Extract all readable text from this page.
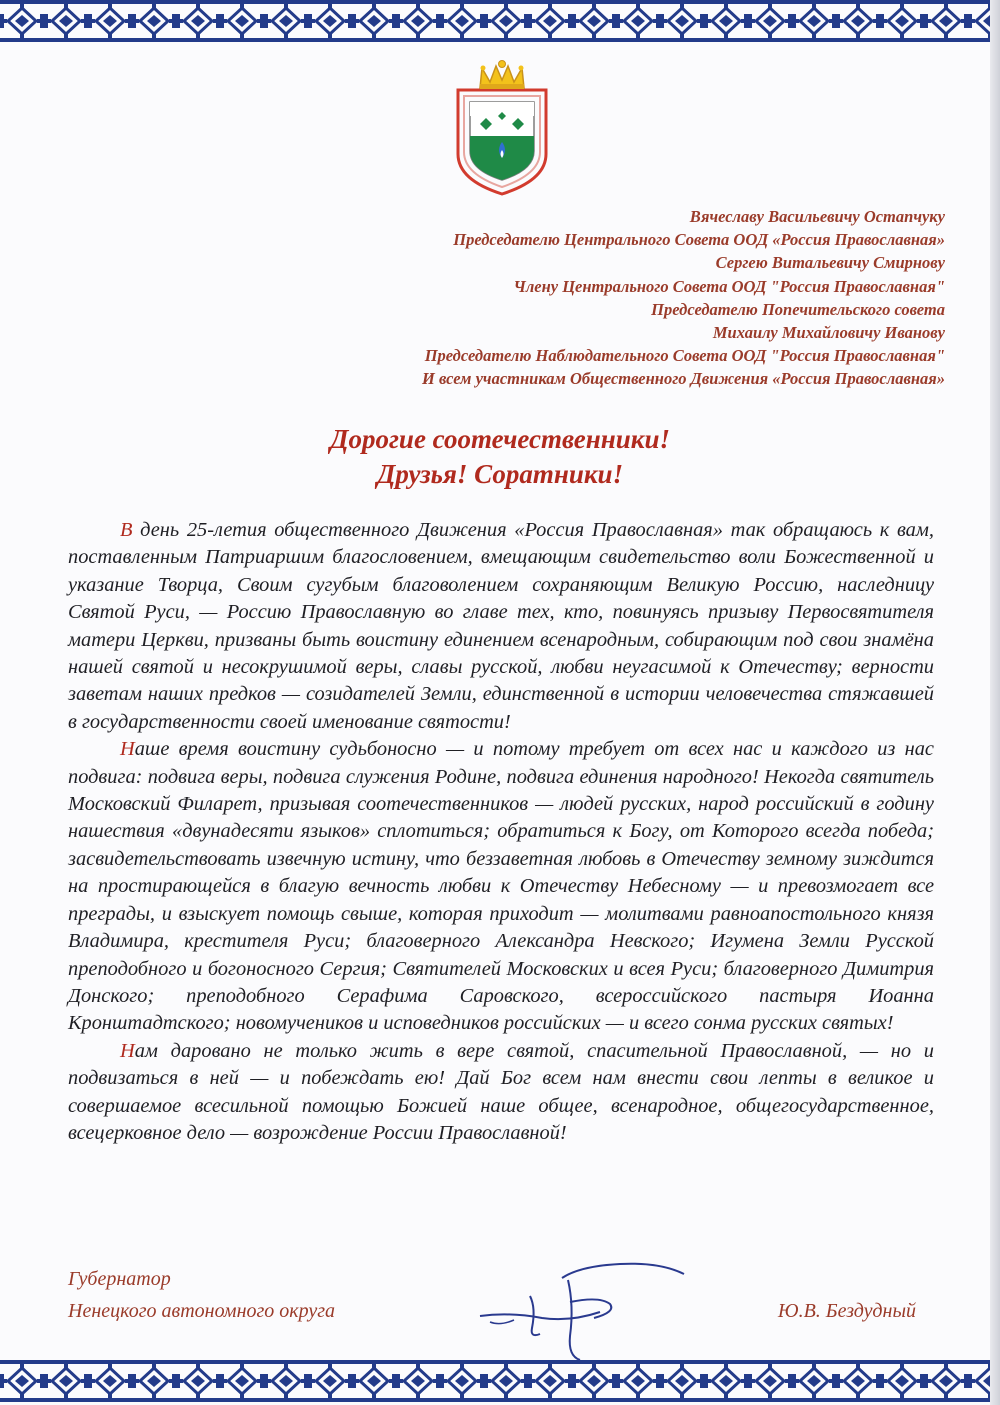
Вячеславу Васильевичу Остапчуку
Председателю Центрального Совета ООД «Россия Православная»
Сергею Витальевичу Смирнову
Члену Центрального Совета ООД "Россия Православная"
Председателю Попечительского совета
Михаилу Михайловичу Иванову
Председателю Наблюдательного Совета ООД "Россия Православная"
И всем участникам Общественного Движения «Россия Православная»
Дорогие соотечественники!
Друзья! Соратники!

В день 25-летия общественного Движения «Россия Православная» так обращаюсь к вам, поставленным Патриаршим благословением, вмещающим свидетельство воли Божественной и указание Творца, Своим сугубым благоволением сохраняющим Великую Россию, наследницу Святой Руси, — Россию Православную во главе тех, кто, повинуясь призыву Первосвятителя матери Церкви, призваны быть воистину единением всенародным, собирающим под свои знамёна нашей святой и несокрушимой веры, славы русской, любви неугасимой к Отечеству; верности заветам наших предков — созидателей Земли, единственной в истории человечества стяжавшей в государственности своей именование святости!

Наше время воистину судьбоносно — и потому требует от всех нас и каждого из нас подвига: подвига веры, подвига служения Родине, подвига единения народного! Некогда святитель Московский Филарет, призывая соотечественников — людей русских, народ российский в годину нашествия «двунадесяти языков» сплотиться; обратиться к Богу, от Которого всегда победа; засвидетельствовать извечную истину, что беззаветная любовь в Отечеству земному зиждится на простирающейся в благую вечность любви к Отечеству Небесному — и превозмогает все преграды, и взыскует помощь свыше, которая приходит — молитвами равноапостольного князя Владимира, крестителя Руси; благоверного Александра Невского; Игумена Земли Русской преподобного и богоносного Сергия; Святителей Московских и всея Руси; благоверного Димитрия Донского; преподобного Серафима Саровского, всероссийского пастыря Иоанна Кронштадтского; новомучеников и исповедников российских — и всего сонма русских святых!

Нам даровано не только жить в вере святой, спасительной Православной, — но и подвизаться в ней — и побеждать ею! Дай Бог всем нам внести свои лепты в великое и совершаемое всесильной помощью Божией наше общее, всенародное, общегосударственное, всецерковное дело — возрождение России Православной!

Губернатор
Ненецкого автономного округа	Ю.В. Бездудный
